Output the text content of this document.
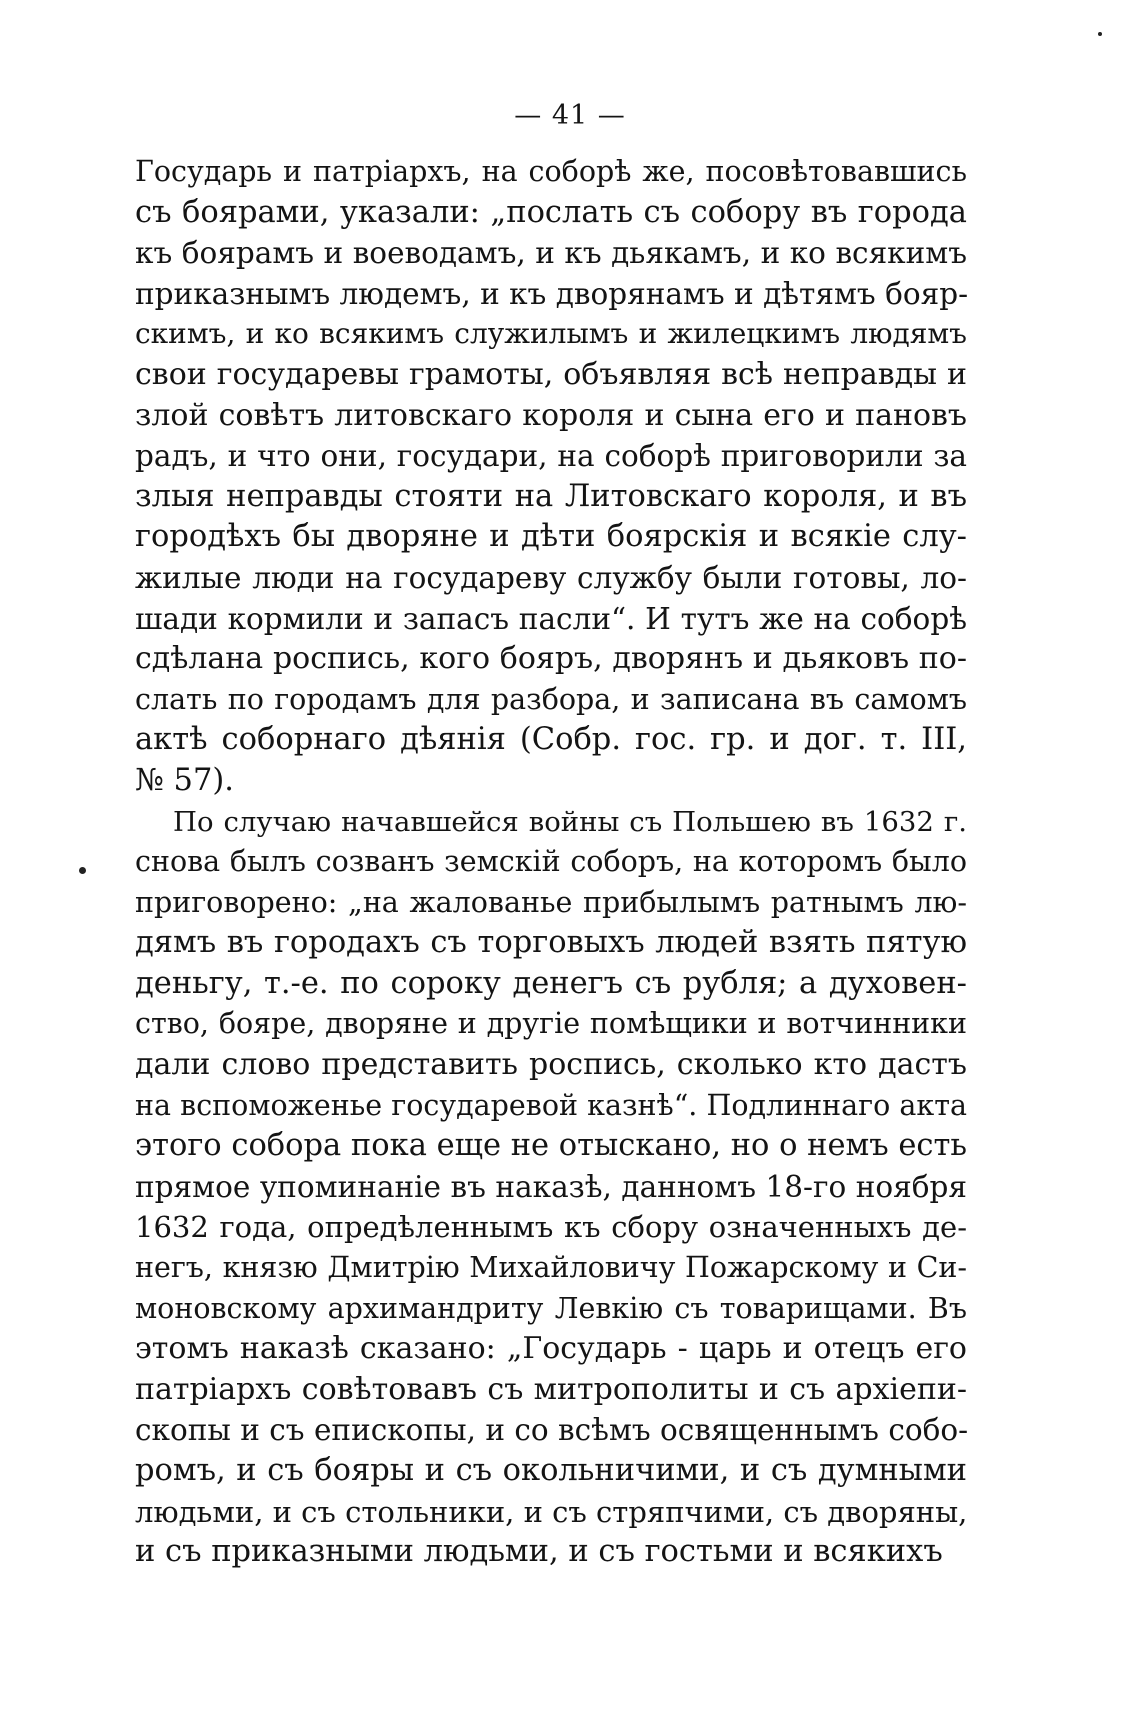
— 41 —

Государь и патріархъ, на соборѣ же, посовѣтовавшись
съ боярами, указали: „послать съ собору въ города
къ боярамъ и воеводамъ, и къ дьякамъ, и ко всякимъ
приказнымъ людемъ, и къ дворянамъ и дѣтямъ бояр-
скимъ, и ко всякимъ служилымъ и жилецкимъ людямъ
свои государевы грамоты, объявляя всѣ неправды и
злой совѣтъ литовскаго короля и сына его и пановъ
радъ, и что они, государи, на соборѣ приговорили за
злыя неправды стояти на Литовскаго короля, и въ
городѣхъ бы дворяне и дѣти боярскія и всякіе слу-
жилые люди на государеву службу были готовы, ло-
шади кормили и запасъ пасли“. И тутъ же на соборѣ
сдѣлана роспись, кого бояръ, дворянъ и дьяковъ по-
слать по городамъ для разбора, и записана въ самомъ
актѣ соборнаго дѣянія (Собр. гос. гр. и дог. т. III,
№ 57).
По случаю начавшейся войны съ Польшею въ 1632 г.
снова былъ созванъ земскій соборъ, на которомъ было
приговорено: „на жалованье прибылымъ ратнымъ лю-
дямъ въ городахъ съ торговыхъ людей взять пятую
деньгу, т.-е. по сороку денегъ съ рубля; а духовен-
ство, бояре, дворяне и другіе помѣщики и вотчинники
дали слово представить роспись, сколько кто дастъ
на вспоможенье государевой казнѣ“. Подлиннаго акта
этого собора пока еще не отыскано, но о немъ есть
прямое упоминаніе въ наказѣ, данномъ 18-го ноября
1632 года, опредѣленнымъ къ сбору означенныхъ де-
негъ, князю Дмитрію Михайловичу Пожарскому и Си-
моновскому архимандриту Левкію съ товарищами. Въ
этомъ наказѣ сказано: „Государь - царь и отецъ его
патріархъ совѣтовавъ съ митрополиты и съ архіепи-
скопы и съ епископы, и со всѣмъ освященнымъ собо-
ромъ, и съ бояры и съ окольничими, и съ думными
людьми, и съ стольники, и съ стряпчими, съ дворяны,
и съ приказными людьми, и съ гостьми и всякихъ
